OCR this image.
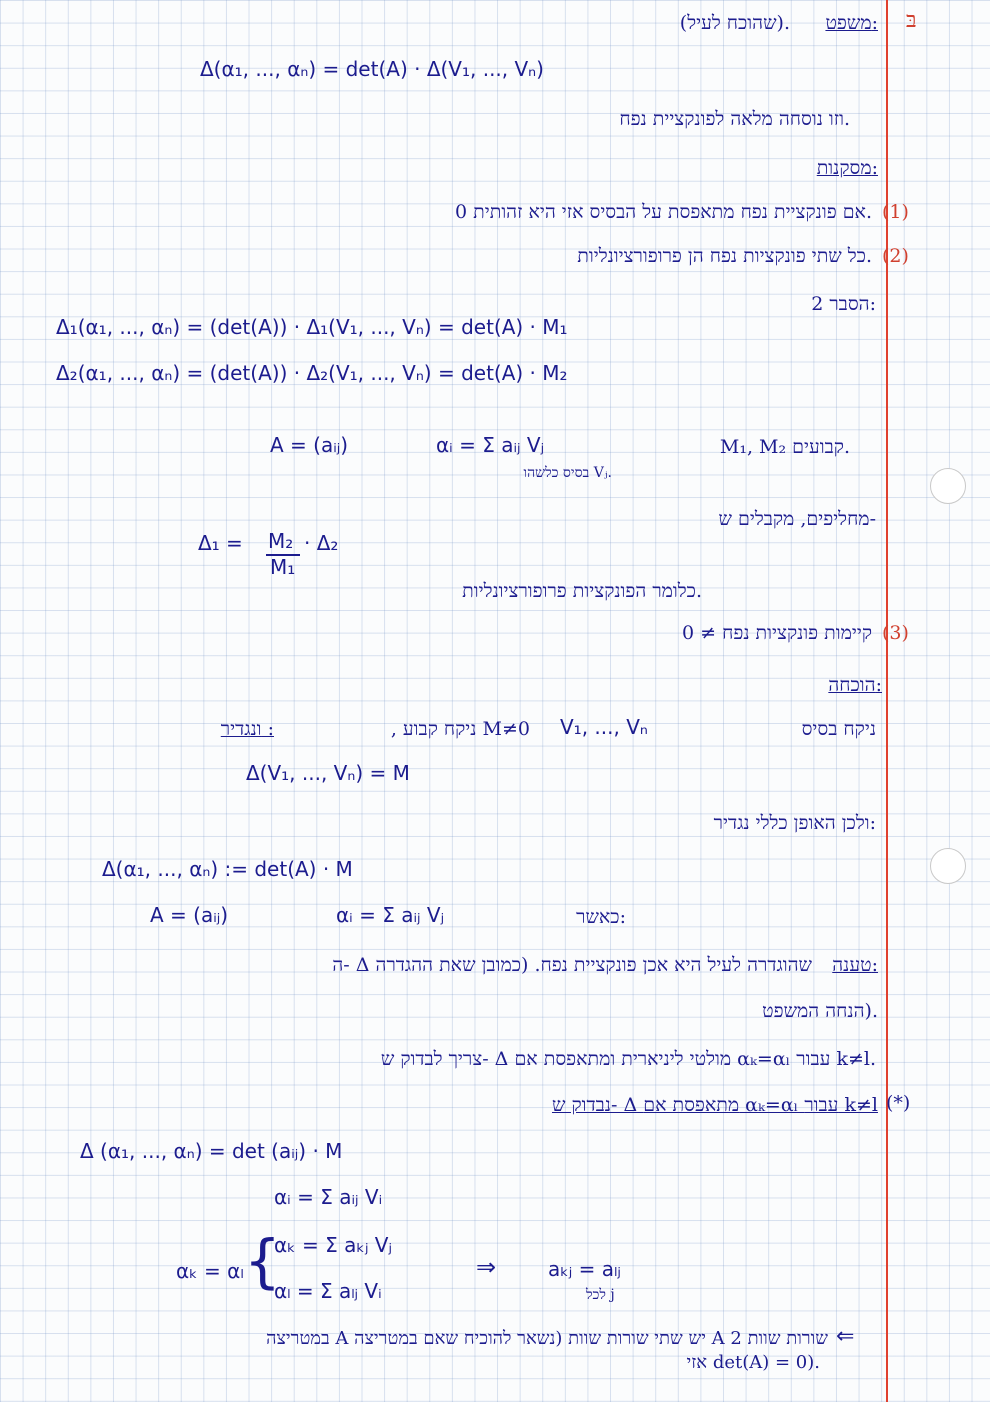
בּ
משפט:
(שהוכח לעיל).
Δ(α₁, ..., αₙ) = det(A) · Δ(V₁, ..., Vₙ)
וזו נוסחה מלאה לפונקציית נפח.
מסקנות:
(1)
אם פונקציית נפח מתאפסת על הבסיס אזי היא זהותית 0.
(2)
כל שתי פונקציות נפח הן פרופורציונליות.
הסבר 2:
Δ₁(α₁, ..., αₙ) = (det(A)) · Δ₁(V₁, ..., Vₙ) = det(A) · M₁
Δ₂(α₁, ..., αₙ) = (det(A)) · Δ₂(V₁, ..., Vₙ) = det(A) · M₂
A = (aᵢⱼ)	αᵢ = Σ aᵢⱼ Vⱼ
בסיס כלשהו Vⱼ.
M₁, M₂ קבועים.
מחליפים, מקבלים ש-
Δ₁ = M₂
M₁
· Δ₂
כלומר הפונקציות פרופורציונליות.
(3)
קיימות פונקציות נפח ≠ 0
הוכחה:
ניקח בסיס
V₁, ..., Vₙ
, ניקח קבוע M≠0
ונגדיר :
Δ(V₁, ..., Vₙ) = M
ולכן האופן כללי נגדיר:
Δ(α₁, ..., αₙ) := det(A) · M
A = (aᵢⱼ)	αᵢ = Σ aᵢⱼ Vⱼ	כאשר:
טענה:
ה- Δ שהוגדרה לעיל היא אכן פונקציית נפח. (כמובן שאת ההגדרה
הנחה המשפט).
צריך לבדוק ש- Δ מולטי ליניארית ומתאפסת אם αₖ=αₗ עבור k≠l.
(*)
נבדוק ש- Δ מתאפסת אם αₖ=αₗ עבור k≠l
Δ (α₁, ..., αₙ) = det (aᵢⱼ) · M
αᵢ = Σ aᵢⱼ Vᵢ
αₖ = αₗ {
αₖ = Σ aₖⱼ Vⱼ
αₗ = Σ aₗⱼ Vᵢ
⇒	aₖⱼ = aₗⱼ
לכל j
⇐
במטריצה A יש שתי שורות שוות (נשאר להוכיח שאם במטריצה A 2 שורות שוות
אזי det(A) = 0).
